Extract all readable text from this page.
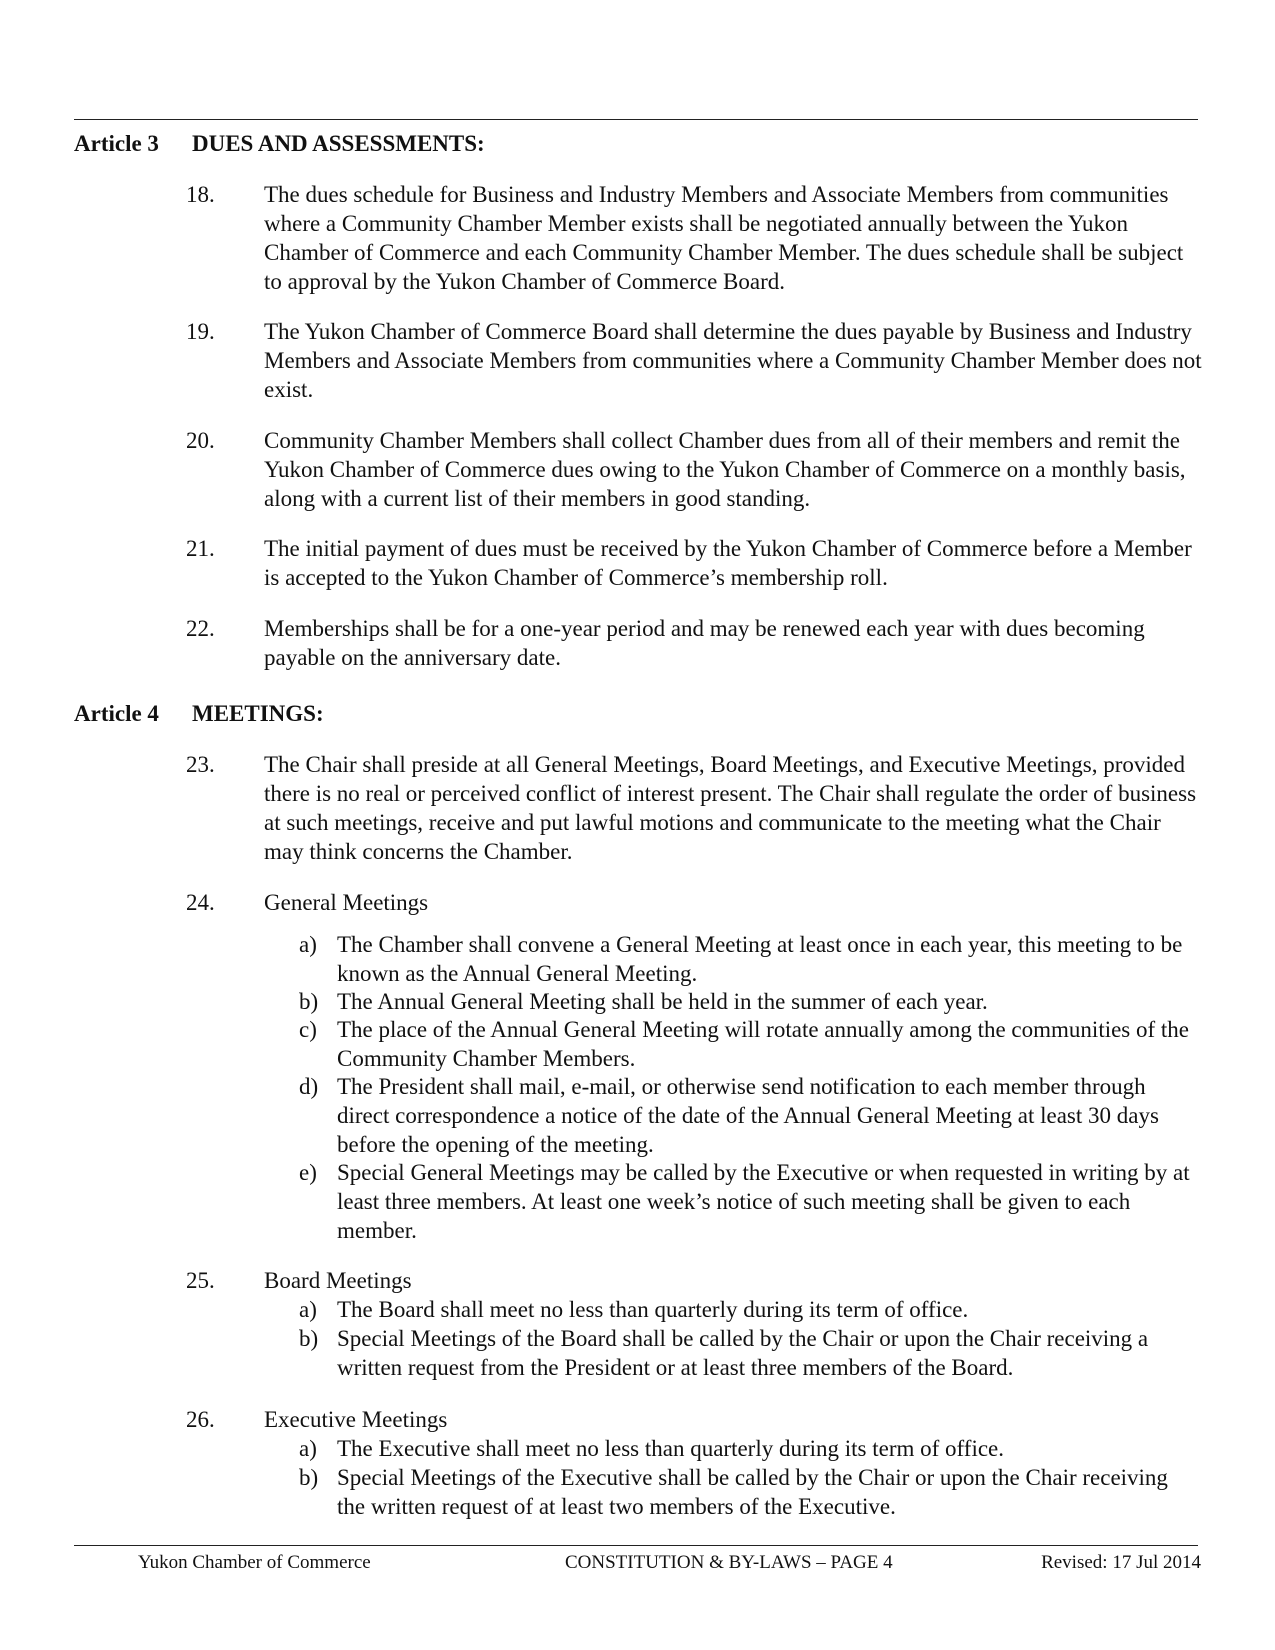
Article 3 DUES AND ASSESSMENTS:
18. The dues schedule for Business and Industry Members and Associate Members from communities where a Community Chamber Member exists shall be negotiated annually between the Yukon Chamber of Commerce and each Community Chamber Member. The dues schedule shall be subject to approval by the Yukon Chamber of Commerce Board.
19. The Yukon Chamber of Commerce Board shall determine the dues payable by Business and Industry Members and Associate Members from communities where a Community Chamber Member does not exist.
20. Community Chamber Members shall collect Chamber dues from all of their members and remit the Yukon Chamber of Commerce dues owing to the Yukon Chamber of Commerce on a monthly basis, along with a current list of their members in good standing.
21. The initial payment of dues must be received by the Yukon Chamber of Commerce before a Member is accepted to the Yukon Chamber of Commerce’s membership roll.
22. Memberships shall be for a one-year period and may be renewed each year with dues becoming payable on the anniversary date.
Article 4 MEETINGS:
23. The Chair shall preside at all General Meetings, Board Meetings, and Executive Meetings, provided there is no real or perceived conflict of interest present. The Chair shall regulate the order of business at such meetings, receive and put lawful motions and communicate to the meeting what the Chair may think concerns the Chamber.
24. General Meetings
a) The Chamber shall convene a General Meeting at least once in each year, this meeting to be known as the Annual General Meeting.
b) The Annual General Meeting shall be held in the summer of each year.
c) The place of the Annual General Meeting will rotate annually among the communities of the Community Chamber Members.
d) The President shall mail, e-mail, or otherwise send notification to each member through direct correspondence a notice of the date of the Annual General Meeting at least 30 days before the opening of the meeting.
e) Special General Meetings may be called by the Executive or when requested in writing by at least three members. At least one week’s notice of such meeting shall be given to each member.
25. Board Meetings
a) The Board shall meet no less than quarterly during its term of office.
b) Special Meetings of the Board shall be called by the Chair or upon the Chair receiving a written request from the President or at least three members of the Board.
26. Executive Meetings
a) The Executive shall meet no less than quarterly during its term of office.
b) Special Meetings of the Executive shall be called by the Chair or upon the Chair receiving the written request of at least two members of the Executive.
Yukon Chamber of Commerce	CONSTITUTION & BY-LAWS – PAGE 4	Revised: 17 Jul 2014
